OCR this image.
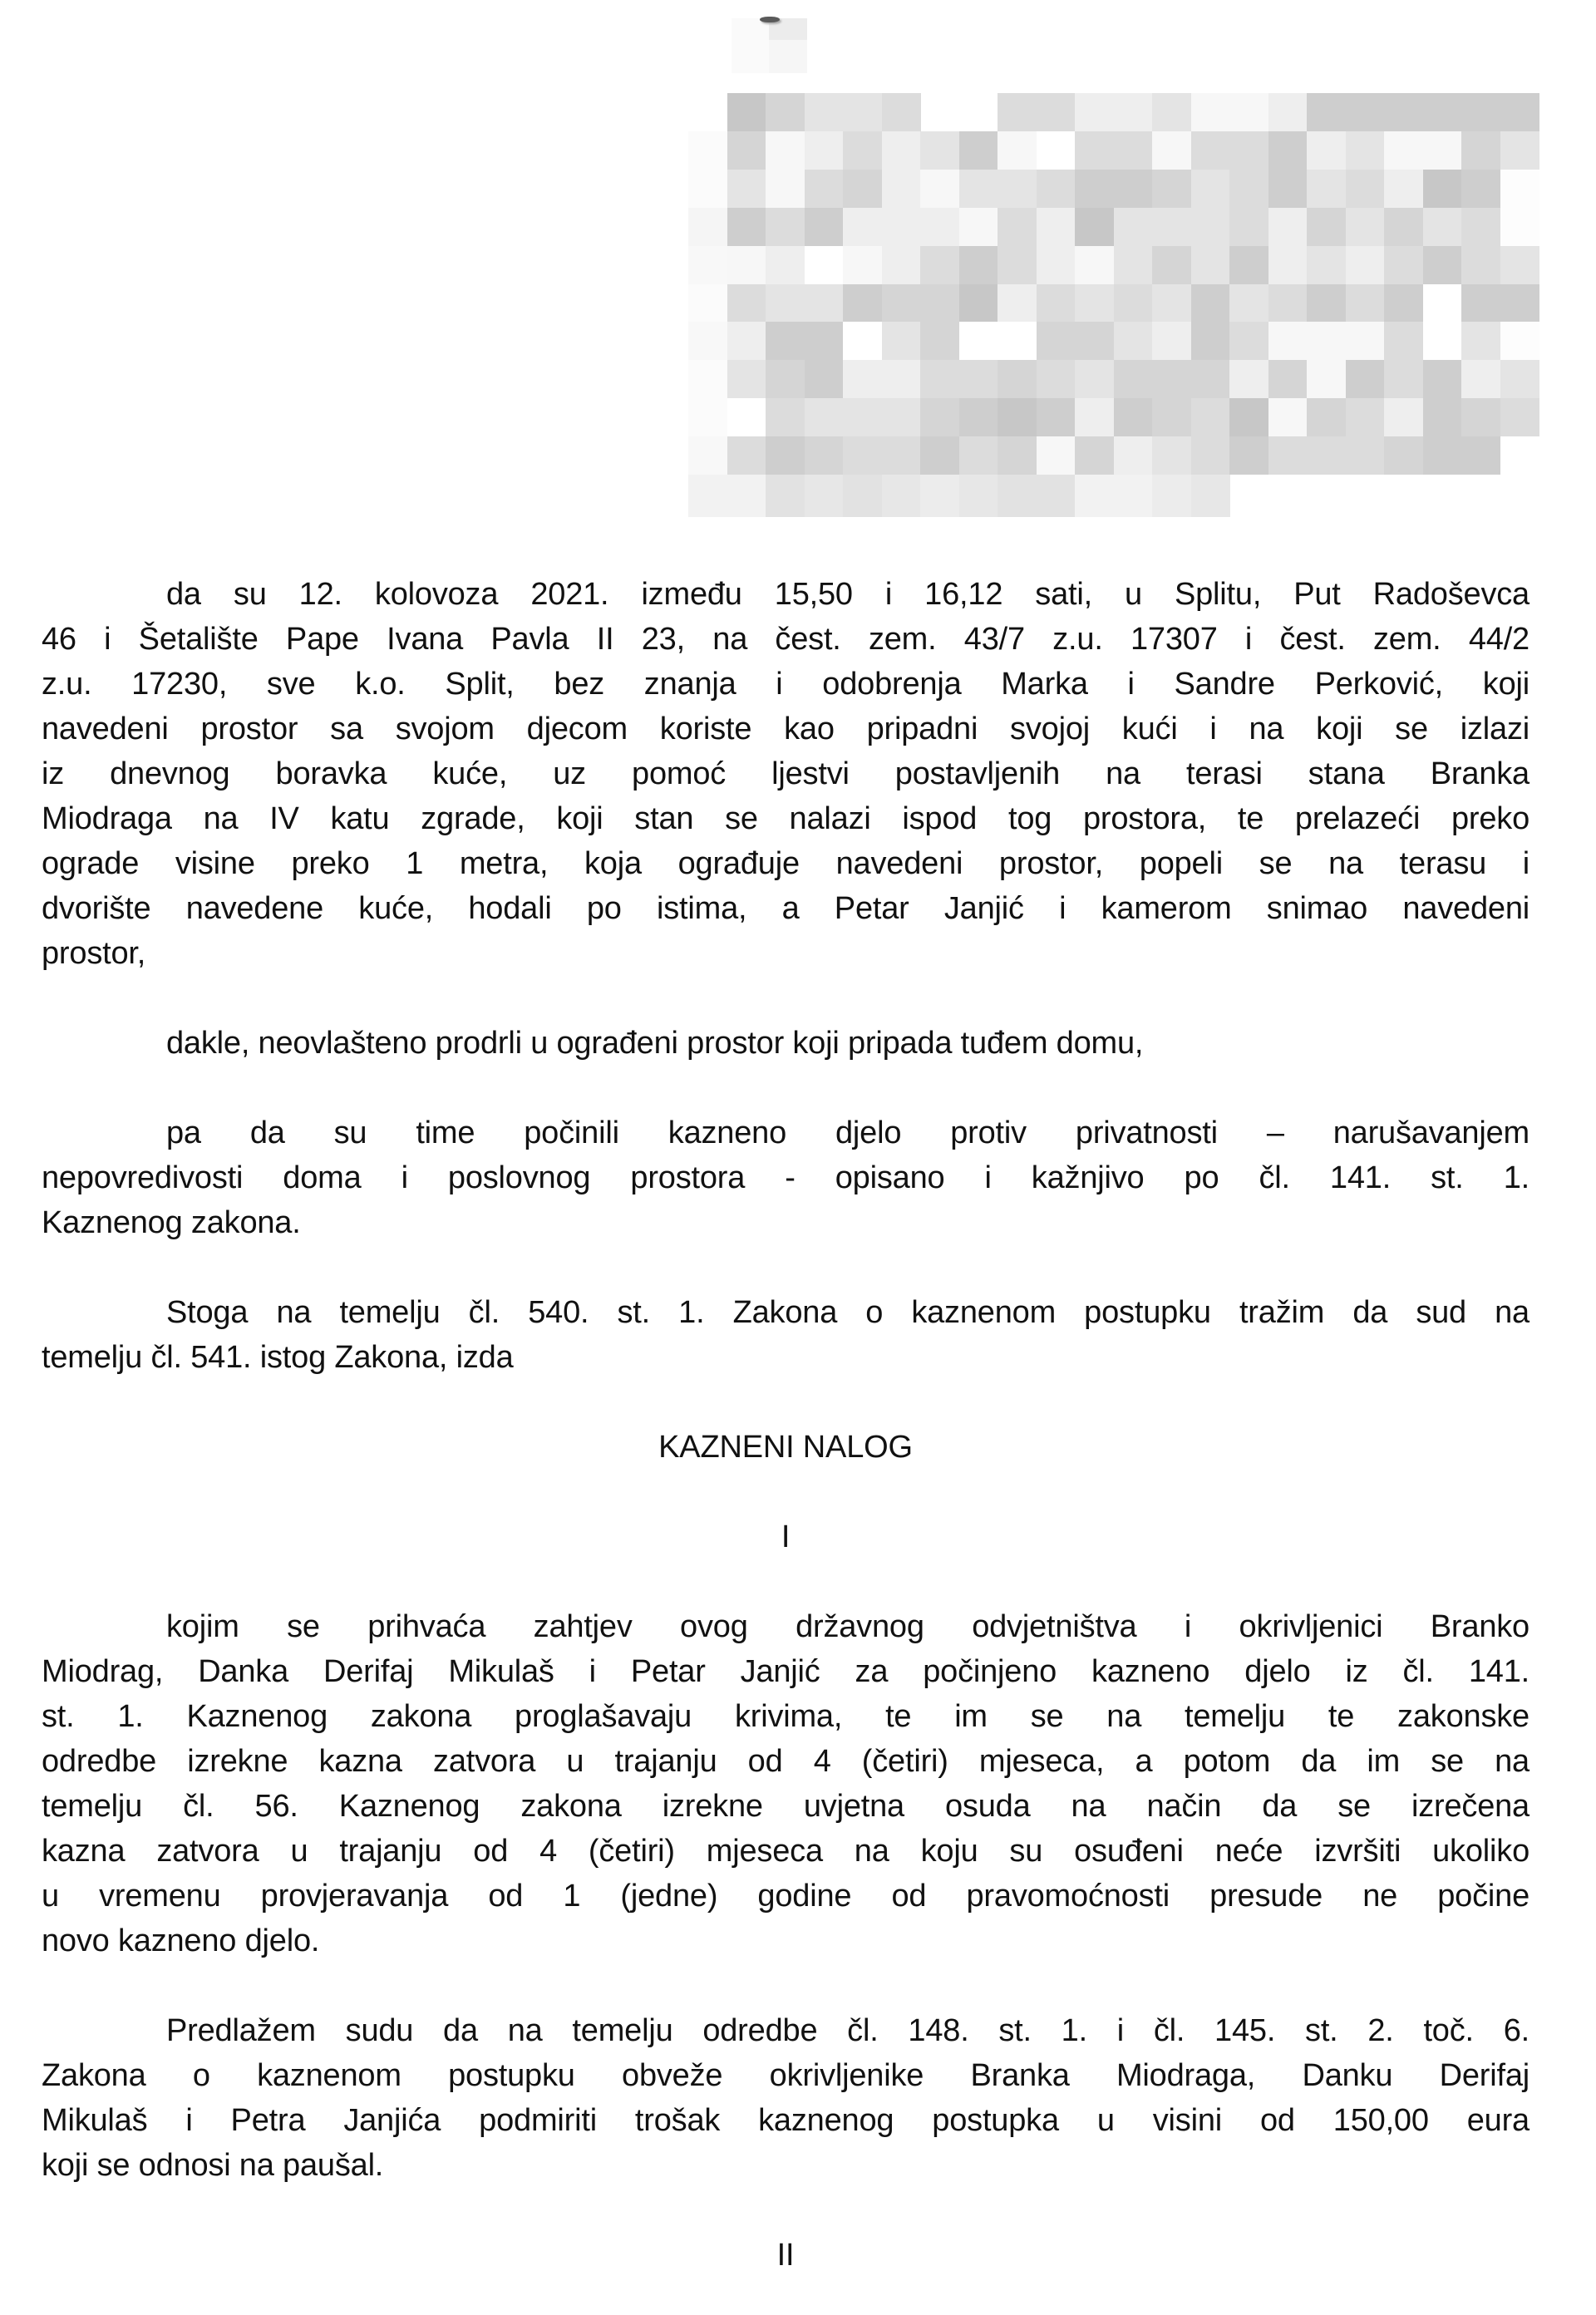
da su 12. kolovoza 2021. između 15,50 i 16,12 sati, u Splitu, Put Radoševca
46 i Šetalište Pape Ivana Pavla II 23, na čest. zem. 43/7 z.u. 17307 i čest. zem. 44/2
z.u. 17230, sve k.o. Split, bez znanja i odobrenja Marka i Sandre Perković, koji
navedeni prostor sa svojom djecom koriste kao pripadni svojoj kući i na koji se izlazi
iz dnevnog boravka kuće, uz pomoć ljestvi postavljenih na terasi stana Branka
Miodraga na IV katu zgrade, koji stan se nalazi ispod tog prostora, te prelazeći preko
ograde visine preko 1 metra, koja ograđuje navedeni prostor, popeli se na terasu i
dvorište navedene kuće, hodali po istima, a Petar Janjić i kamerom snimao navedeni
prostor,
dakle, neovlašteno prodrli u ograđeni prostor koji pripada tuđem domu,
pa da su time počinili kazneno djelo protiv privatnosti – narušavanjem
nepovredivosti doma i poslovnog prostora - opisano i kažnjivo po čl. 141. st. 1.
Kaznenog zakona.
Stoga na temelju čl. 540. st. 1. Zakona o kaznenom postupku tražim da sud na
temelju čl. 541. istog Zakona, izda
KAZNENI NALOG
I
kojim se prihvaća zahtjev ovog državnog odvjetništva i okrivljenici Branko
Miodrag, Danka Derifaj Mikulaš i Petar Janjić za počinjeno kazneno djelo iz čl. 141.
st. 1. Kaznenog zakona proglašavaju krivima, te im se na temelju te zakonske
odredbe izrekne kazna zatvora u trajanju od 4 (četiri) mjeseca, a potom da im se na
temelju čl. 56. Kaznenog zakona izrekne uvjetna osuda na način da se izrečena
kazna zatvora u trajanju od 4 (četiri) mjeseca na koju su osuđeni neće izvršiti ukoliko
u vremenu provjeravanja od 1 (jedne) godine od pravomoćnosti presude ne počine
novo kazneno djelo.
Predlažem sudu da na temelju odredbe čl. 148. st. 1. i čl. 145. st. 2. toč. 6.
Zakona o kaznenom postupku obveže okrivljenike Branka Miodraga, Danku Derifaj
Mikulaš i Petra Janjića podmiriti trošak kaznenog postupka u visini od 150,00 eura
koji se odnosi na paušal.
II
